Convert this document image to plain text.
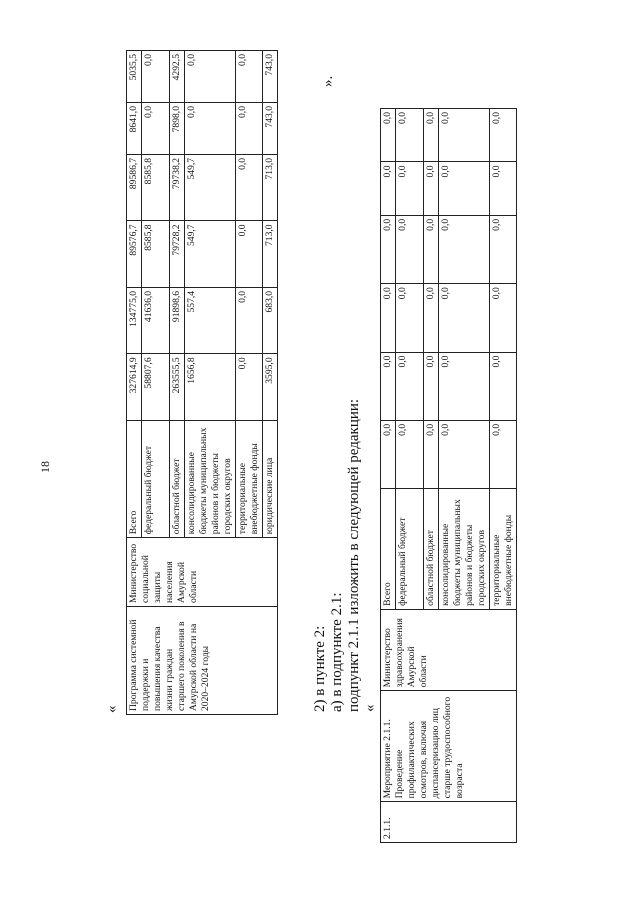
18
« Программа системной поддержки и повышения качества жизни граждан старшего поколения в Амурской области на 2020–2024 годы	Министерство социальной защиты населения Амурской области	Всего	327614,9	134775,0	89576,7	89586,7	8641,0	5035,5
		федеральный бюджет	58807,6	41636,0	8585,8	8585,8	0,0	0,0
		областной бюджет	263555,5	91898,6	79728,2	79738,2	7898,0	4292,5
		консолидированные бюджеты муниципальных районов и бюджеты городских округов	1656,8	557,4	549,7	549,7	0,0	0,0
		территориальные внебюджетные фонды	0,0	0,0	0,0	0,0	0,0	0,0
		юридические лица	3595,0	683,0	713,0	713,0	743,0	743,0
».
2) в пункте 2: а) в подпункте 2.1: подпункт 2.1.1 изложить в следующей редакции: «
2.1.1.	Мероприятие 2.1.1. Проведение профилактических осмотров, включая диспансеризацию лиц старше трудоспособного возраста	Министерство здравоохранения Амурской области	Всего	0,0	0,0	0,0	0,0	0,0	0,0
			федеральный бюджет	0,0	0,0	0,0	0,0	0,0	0,0
			областной бюджет	0,0	0,0	0,0	0,0	0,0	0,0
			консолидированные бюджеты муниципальных районов и бюджеты городских округов	0,0	0,0	0,0	0,0	0,0	0,0
			территориальные внебюджетные фонды	0,0	0,0	0,0	0,0	0,0	0,0
